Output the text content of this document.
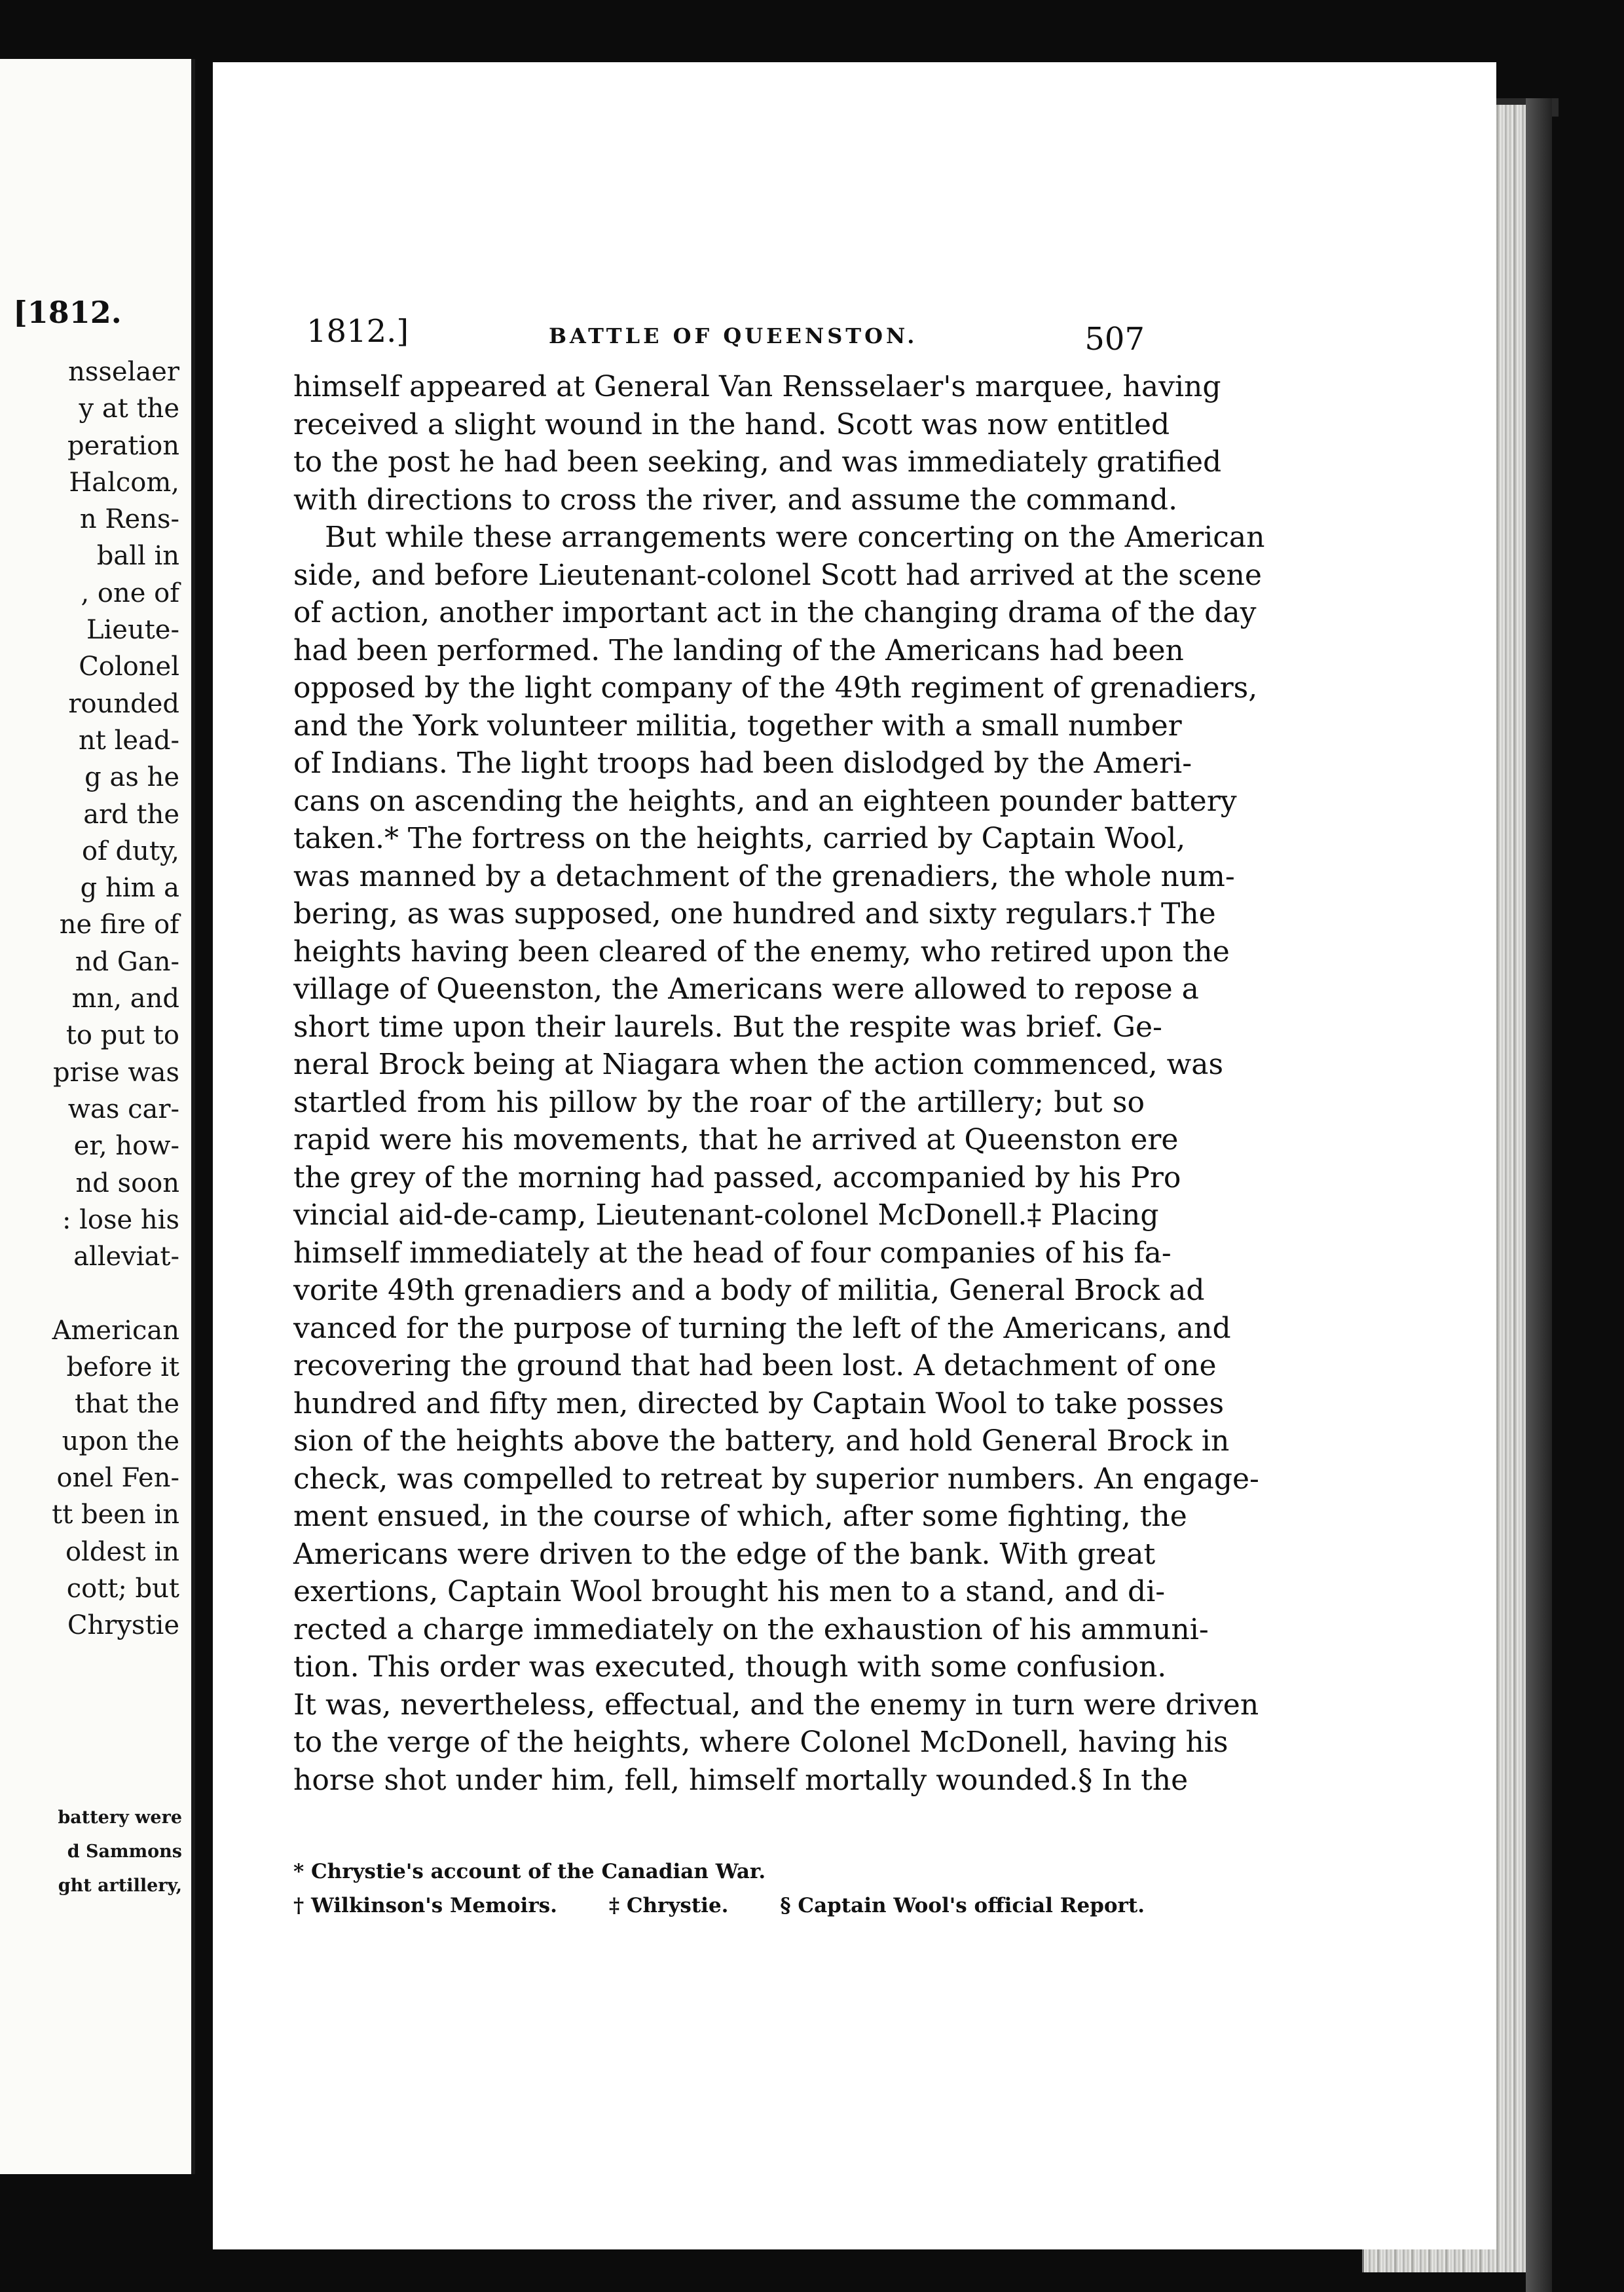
[1812.
nsselaer
y at the
peration
Halcom,
n Rens-
ball in
, one of
Lieute-
Colonel
rounded
nt lead-
g as he
ard the
of duty,
g him a
ne fire of
nd Gan-
mn, and
to put to
prise was
was car-
er, how-
nd soon
: lose his
alleviat-

American
before it
that the
upon the
onel Fen-
tt been in
oldest in
cott; but
Chrystie
battery were
d Sammons
ght artillery,
1812.]	BATTLE OF QUEENSTON.	507
himself appeared at General Van Rensselaer's marquee, having
received a slight wound in the hand. Scott was now entitled
to the post he had been seeking, and was immediately gratified
with directions to cross the river, and assume the command.
But while these arrangements were concerting on the American
side, and before Lieutenant-colonel Scott had arrived at the scene
of action, another important act in the changing drama of the day
had been performed. The landing of the Americans had been
opposed by the light company of the 49th regiment of grenadiers,
and the York volunteer militia, together with a small number
of Indians. The light troops had been dislodged by the Ameri-
cans on ascending the heights, and an eighteen pounder battery
taken.* The fortress on the heights, carried by Captain Wool,
was manned by a detachment of the grenadiers, the whole num-
bering, as was supposed, one hundred and sixty regulars.† The
heights having been cleared of the enemy, who retired upon the
village of Queenston, the Americans were allowed to repose a
short time upon their laurels. But the respite was brief. Ge-
neral Brock being at Niagara when the action commenced, was
startled from his pillow by the roar of the artillery; but so
rapid were his movements, that he arrived at Queenston ere
the grey of the morning had passed, accompanied by his Pro
vincial aid-de-camp, Lieutenant-colonel McDonell.‡ Placing
himself immediately at the head of four companies of his fa-
vorite 49th grenadiers and a body of militia, General Brock ad
vanced for the purpose of turning the left of the Americans, and
recovering the ground that had been lost. A detachment of one
hundred and fifty men, directed by Captain Wool to take posses
sion of the heights above the battery, and hold General Brock in
check, was compelled to retreat by superior numbers. An engage-
ment ensued, in the course of which, after some fighting, the
Americans were driven to the edge of the bank. With great
exertions, Captain Wool brought his men to a stand, and di-
rected a charge immediately on the exhaustion of his ammuni-
tion. This order was executed, though with some confusion.
It was, nevertheless, effectual, and the enemy in turn were driven
to the verge of the heights, where Colonel McDonell, having his
horse shot under him, fell, himself mortally wounded.§ In the
* Chrystie's account of the Canadian War.
† Wilkinson's Memoirs.	‡ Chrystie.	§ Captain Wool's official Report.
